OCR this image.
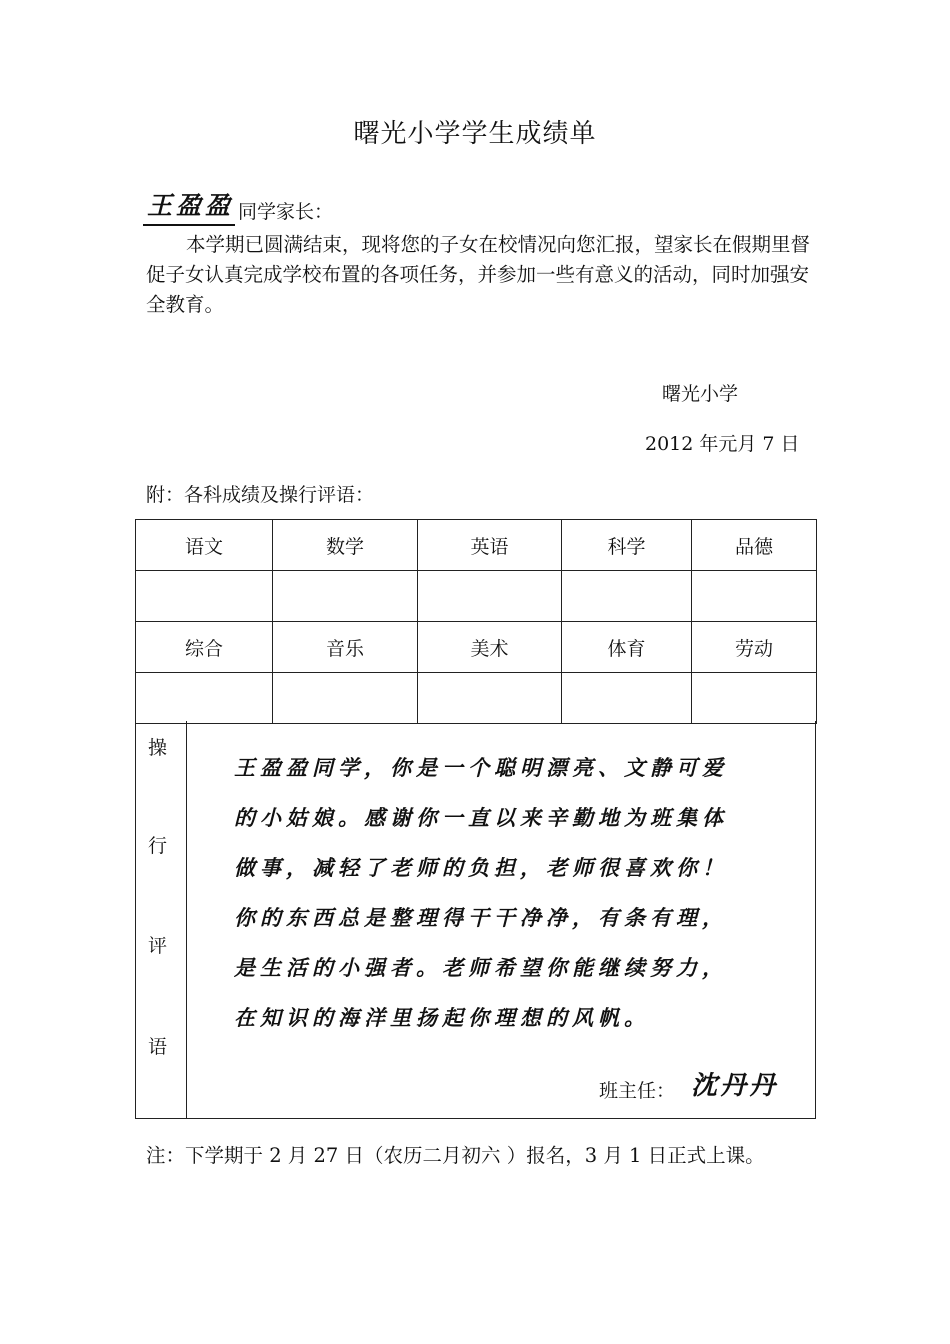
曙光小学学生成绩单
王盈盈 同学家长：
本学期已圆满结束，现将您的子女在校情况向您汇报，望家长在假期里督促子女认真完成学校布置的各项任务，并参加一些有意义的活动，同时加强安全教育。
曙光小学
2012 年元月 7 日
附：各科成绩及操行评语：
语文	数学	英语	科学	品德

综合	音乐	美术	体育	劳动

操
行
评
语
王盈盈同学，你是一个聪明漂亮、文静可爱
的小姑娘。感谢你一直以来辛勤地为班集体
做事，减轻了老师的负担，老师很喜欢你！
你的东西总是整理得干干净净，有条有理，
是生活的小强者。老师希望你能继续努力，
在知识的海洋里扬起你理想的风帆。
班主任： 沈丹丹
注：下学期于 2 月 27 日（农历二月初六 ）报名，3 月 1 日正式上课。
